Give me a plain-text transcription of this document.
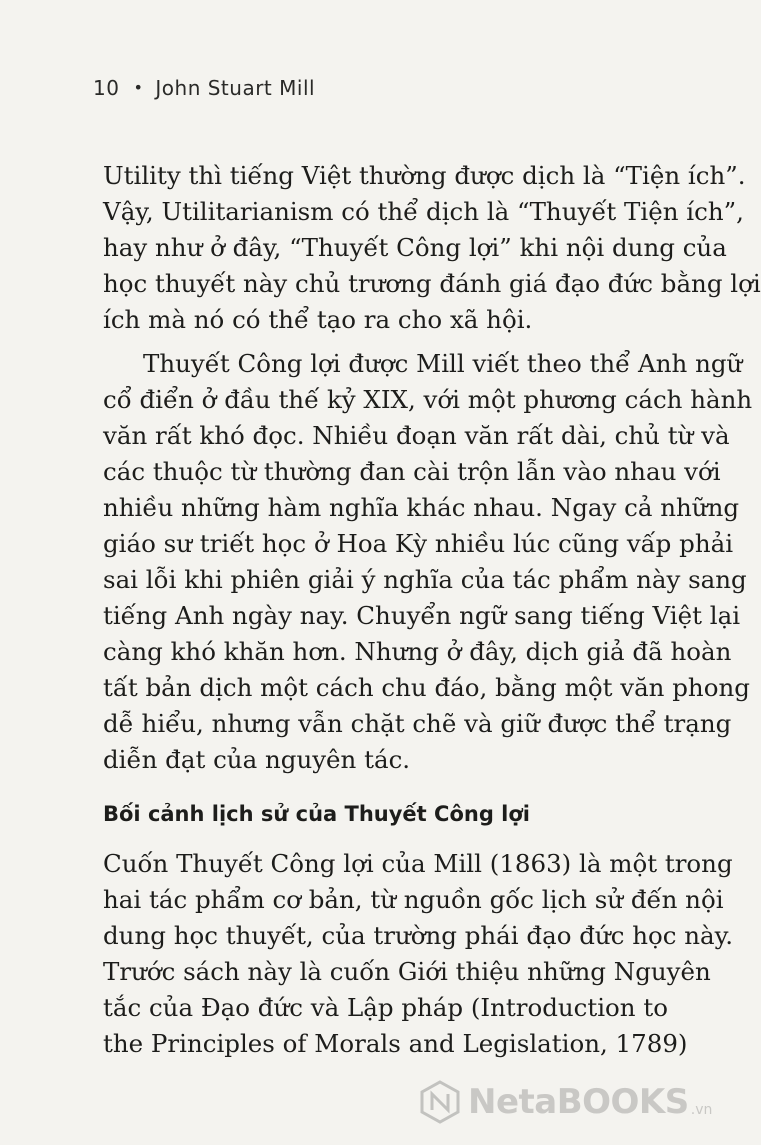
10 • John Stuart Mill
Utility thì tiếng Việt thường được dịch là “Tiện ích”.
Vậy, Utilitarianism có thể dịch là “Thuyết Tiện ích”,
hay như ở đây, “Thuyết Công lợi” khi nội dung của
học thuyết này chủ trương đánh giá đạo đức bằng lợi
ích mà nó có thể tạo ra cho xã hội.
Thuyết Công lợi được Mill viết theo thể Anh ngữ
cổ điển ở đầu thế kỷ XIX, với một phương cách hành
văn rất khó đọc. Nhiều đoạn văn rất dài, chủ từ và
các thuộc từ thường đan cài trộn lẫn vào nhau với
nhiều những hàm nghĩa khác nhau. Ngay cả những
giáo sư triết học ở Hoa Kỳ nhiều lúc cũng vấp phải
sai lỗi khi phiên giải ý nghĩa của tác phẩm này sang
tiếng Anh ngày nay. Chuyển ngữ sang tiếng Việt lại
càng khó khăn hơn. Nhưng ở đây, dịch giả đã hoàn
tất bản dịch một cách chu đáo, bằng một văn phong
dễ hiểu, nhưng vẫn chặt chẽ và giữ được thể trạng
diễn đạt của nguyên tác.
Bối cảnh lịch sử của Thuyết Công lợi
Cuốn Thuyết Công lợi của Mill (1863) là một trong
hai tác phẩm cơ bản, từ nguồn gốc lịch sử đến nội
dung học thuyết, của trường phái đạo đức học này.
Trước sách này là cuốn Giới thiệu những Nguyên
tắc của Đạo đức và Lập pháp (Introduction to
the Principles of Morals and Legislation, 1789)
NetaBOOKS .vn
